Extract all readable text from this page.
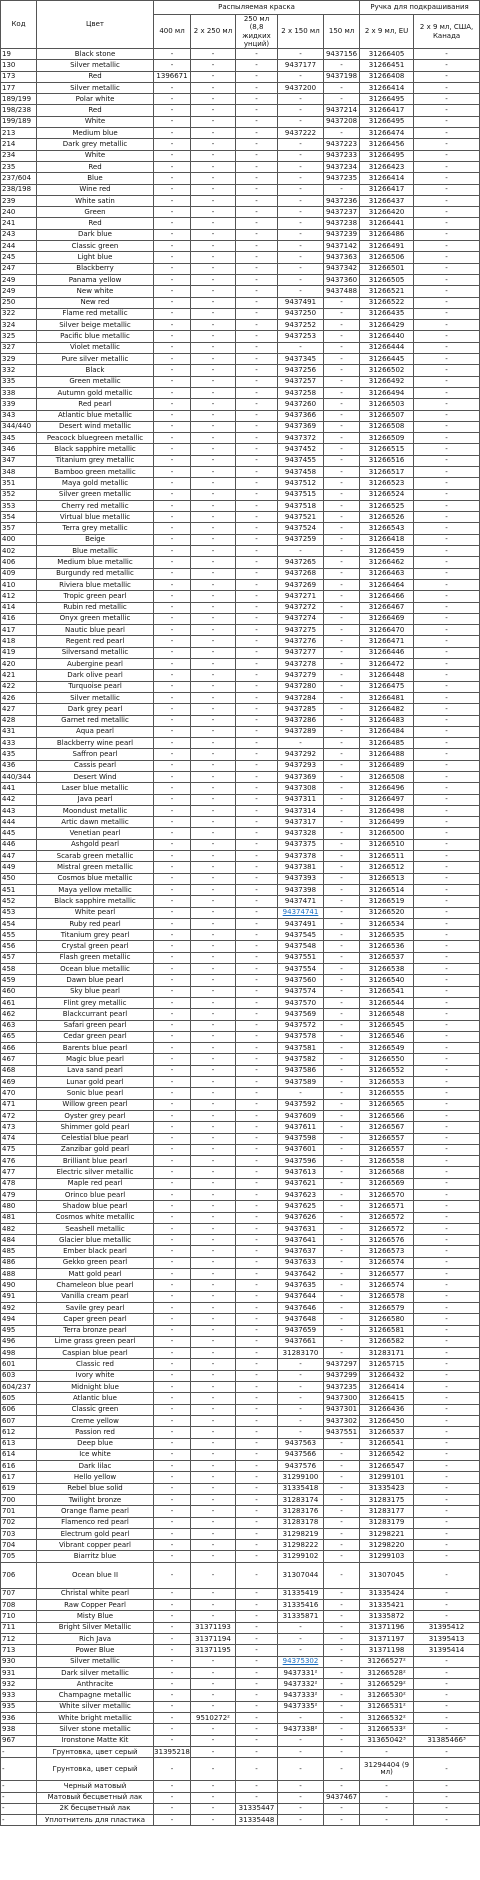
Код	Цвет	Распыляемая краска					Ручка для подкрашивания	
		400 мл	2 x 250 мл	250 мл (8,8 жидких унций)	2 x 150 мл	150 мл	2 x 9 мл, EU	2 x 9 мл, США, Канада
19	Black stone	-	-	-	-	9437156	31266405	-
130	Silver metallic	-	-	-	9437177	-	31266451	-
173	Red	1396671	-	-	-	9437198	31266408	-
177	Silver metallic	-	-	-	9437200	-	31266414	-
189/199	Polar white	-	-	-	-	-	31266495	-
198/238	Red	-	-	-	-	9437214	31266417	-
199/189	White	-	-	-	-	9437208	31266495	-
213	Medium blue	-	-	-	9437222	-	31266474	-
214	Dark grey metallic	-	-	-	-	9437223	31266456	-
234	White	-	-	-	-	9437233	31266495	-
235	Red	-	-	-	-	9437234	31266423	-
237/604	Blue	-	-	-	-	9437235	31266414	-
238/198	Wine red	-	-	-	-	-	31266417	-
239	White satin	-	-	-	-	9437236	31266437	-
240	Green	-	-	-	-	9437237	31266420	-
241	Red	-	-	-	-	9437238	31266441	-
243	Dark blue	-	-	-	-	9437239	31266486	-
244	Classic green	-	-	-	-	9437142	31266491	-
245	Light blue	-	-	-	-	9437363	31266506	-
247	Blackberry	-	-	-	-	9437342	31266501	-
249	Panama yellow	-	-	-	-	9437360	31266505	-
249	New white	-	-	-	-	9437488	31266521	-
250	New red	-	-	-	9437491	-	31266522	-
322	Flame red metallic	-	-	-	9437250	-	31266435	-
324	Silver beige metallic	-	-	-	9437252	-	31266429	-
325	Pacific blue metallic	-	-	-	9437253	-	31266440	-
327	Violet metallic	-	-	-	-	-	31266444	-
329	Pure silver metallic	-	-	-	9437345	-	31266445	-
332	Black	-	-	-	9437256	-	31266502	-
335	Green metallic	-	-	-	9437257	-	31266492	-
338	Autumn gold metallic	-	-	-	9437258	-	31266494	-
339	Red pearl	-	-	-	9437260	-	31266503	-
343	Atlantic blue metallic	-	-	-	9437366	-	31266507	-
344/440	Desert wind metallic	-	-	-	9437369	-	31266508	-
345	Peacock bluegreen metallic	-	-	-	9437372	-	31266509	-
346	Black sapphire metallic	-	-	-	9437452	-	31266515	-
347	Titanium grey metallic	-	-	-	9437455	-	31266516	-
348	Bamboo green metallic	-	-	-	9437458	-	31266517	-
351	Maya gold metallic	-	-	-	9437512	-	31266523	-
352	Silver green metallic	-	-	-	9437515	-	31266524	-
353	Cherry red metallic	-	-	-	9437518	-	31266525	-
354	Virtual blue metallic	-	-	-	9437521	-	31266526	-
357	Terra grey metallic	-	-	-	9437524	-	31266543	-
400	Beige	-	-	-	9437259	-	31266418	-
402	Blue metallic	-	-	-	-	-	31266459	-
406	Medium blue metallic	-	-	-	9437265	-	31266462	-
409	Burgundy red metallic	-	-	-	9437268	-	31266463	-
410	Riviera blue metallic	-	-	-	9437269	-	31266464	-
412	Tropic green pearl	-	-	-	9437271	-	31266466	-
414	Rubin red metallic	-	-	-	9437272	-	31266467	-
416	Onyx green metallic	-	-	-	9437274	-	31266469	-
417	Nautic blue pearl	-	-	-	9437275	-	31266470	-
418	Regent red pearl	-	-	-	9437276	-	31266471	-
419	Silversand metallic	-	-	-	9437277	-	31266446	-
420	Aubergine pearl	-	-	-	9437278	-	31266472	-
421	Dark olive pearl	-	-	-	9437279	-	31266448	-
422	Turquoise pearl	-	-	-	9437280	-	31266475	-
426	Silver metallic	-	-	-	9437284	-	31266481	-
427	Dark grey pearl	-	-	-	9437285	-	31266482	-
428	Garnet red metallic	-	-	-	9437286	-	31266483	-
431	Aqua pearl	-	-	-	9437289	-	31266484	-
433	Blackberry wine pearl	-	-	-	-	-	31266485	-
435	Saffron pearl	-	-	-	9437292	-	31266488	-
436	Cassis pearl	-	-	-	9437293	-	31266489	-
440/344	Desert Wind	-	-	-	9437369	-	31266508	-
441	Laser blue metallic	-	-	-	9437308	-	31266496	-
442	Java pearl	-	-	-	9437311	-	31266497	-
443	Moondust metallic	-	-	-	9437314	-	31266498	-
444	Artic dawn metallic	-	-	-	9437317	-	31266499	-
445	Venetian pearl	-	-	-	9437328	-	31266500	-
446	Ashgold pearl	-	-	-	9437375	-	31266510	-
447	Scarab green metallic	-	-	-	9437378	-	31266511	-
449	Mistral green metallic	-	-	-	9437381	-	31266512	-
450	Cosmos blue metallic	-	-	-	9437393	-	31266513	-
451	Maya yellow metallic	-	-	-	9437398	-	31266514	-
452	Black sapphire metallic	-	-	-	9437471	-	31266519	-
453	White pearl	-	-	-	94374741	-	31266520	-
454	Ruby red pearl	-	-	-	9437491	-	31266534	-
455	Titanium grey pearl	-	-	-	9437545	-	31266535	-
456	Crystal green pearl	-	-	-	9437548	-	31266536	-
457	Flash green metallic	-	-	-	9437551	-	31266537	-
458	Ocean blue metallic	-	-	-	9437554	-	31266538	-
459	Dawn blue pearl	-	-	-	9437560	-	31266540	-
460	Sky blue pearl	-	-	-	9437574	-	31266541	-
461	Flint grey metallic	-	-	-	9437570	-	31266544	-
462	Blackcurrant pearl	-	-	-	9437569	-	31266548	-
463	Safari green pearl	-	-	-	9437572	-	31266545	-
465	Cedar green pearl	-	-	-	9437578	-	31266546	-
466	Barents blue pearl	-	-	-	9437581	-	31266549	-
467	Magic blue pearl	-	-	-	9437582	-	31266550	-
468	Lava sand pearl	-	-	-	9437586	-	31266552	-
469	Lunar gold pearl	-	-	-	9437589	-	31266553	-
470	Sonic blue pearl	-	-	-	-	-	31266555	-
471	Willow green pearl	-	-	-	9437592	-	31266565	-
472	Oyster grey pearl	-	-	-	9437609	-	31266566	-
473	Shimmer gold pearl	-	-	-	9437611	-	31266567	-
474	Celestial blue pearl	-	-	-	9437598	-	31266557	-
475	Zanzibar gold pearl	-	-	-	9437601	-	31266557	-
476	Brilliant blue pearl	-	-	-	9437596	-	31266558	-
477	Electric silver metallic	-	-	-	9437613	-	31266568	-
478	Maple red pearl	-	-	-	9437621	-	31266569	-
479	Orinco blue pearl	-	-	-	9437623	-	31266570	-
480	Shadow blue pearl	-	-	-	9437625	-	31266571	-
481	Cosmos white metallic	-	-	-	9437626	-	31266572	-
482	Seashell metallic	-	-	-	9437631	-	31266572	-
484	Glacier blue metallic	-	-	-	9437641	-	31266576	-
485	Ember black pearl	-	-	-	9437637	-	31266573	-
486	Gekko green pearl	-	-	-	9437633	-	31266574	-
488	Matt gold pearl	-	-	-	9437642	-	31266577	-
490	Chameleon blue pearl	-	-	-	9437635	-	31266574	-
491	Vanilla cream pearl	-	-	-	9437644	-	31266578	-
492	Savile grey pearl	-	-	-	9437646	-	31266579	-
494	Caper green pearl	-	-	-	9437648	-	31266580	-
495	Terra bronze pearl	-	-	-	9437659	-	31266581	-
496	Lime grass green pearl	-	-	-	9437661	-	31266582	-
498	Caspian blue pearl	-	-	-	31283170	-	31283171	-
601	Classic red	-	-	-	-	9437297	31265715	-
603	Ivory white	-	-	-	-	9437299	31266432	-
604/237	Midnight blue	-	-	-	-	9437235	31266414	-
605	Atlantic blue	-	-	-	-	9437300	31266415	-
606	Classic green	-	-	-	-	9437301	31266436	-
607	Creme yellow	-	-	-	-	9437302	31266450	-
612	Passion red	-	-	-	-	9437551	31266537	-
613	Deep blue	-	-	-	9437563	-	31266541	-
614	Ice white	-	-	-	9437566	-	31266542	-
616	Dark lilac	-	-	-	9437576	-	31266547	-
617	Hello yellow	-	-	-	31299100	-	31299101	-
619	Rebel blue solid	-	-	-	31335418	-	31335423	-
700	Twilight bronze	-	-	-	31283174	-	31283175	-
701	Orange flame pearl	-	-	-	31283176	-	31283177	-
702	Flamenco red pearl	-	-	-	31283178	-	31283179	-
703	Electrum gold pearl	-	-	-	31298219	-	31298221	-
704	Vibrant copper pearl	-	-	-	31298222	-	31298220	-
705	Biarritz blue	-	-	-	31299102	-	31299103	-
706	Ocean blue II	-	-	-	31307044	-	31307045	-
707	Christal white pearl	-	-	-	31335419	-	31335424	-
708	Raw Copper Pearl	-	-	-	31335416	-	31335421	-
710	Misty Blue	-	-	-	31335871	-	31335872	-
711	Bright Silver Metallic	-	31371193	-	-	-	31371196	31395412
712	Rich Java	-	31371194	-	-	-	31371197	31395413
713	Power Blue	-	31371195	-	-	-	31371198	31395414
930	Silver metallic	-	-	-	94375302	-	31266527²	-
931	Dark silver metallic	-	-	-	9437331²	-	31266528²	-
932	Anthracite	-	-	-	9437332²	-	31266529²	-
933	Champagne metallic	-	-	-	9437333²	-	31266530²	-
935	White silver metallic	-	-	-	9437335²	-	31266531²	-
936	White bright metallic	-	9510272²	-	-	-	31266532²	-
938	Silver stone metallic	-	-	-	9437338²	-	31266533²	-
967	Ironstone Matte Kit	-	-	-	-	-	31365042³	31385466³
-	Грунтовка, цвет серый	31395218	-	-	-	-	-	-
-	Грунтовка, цвет серый	-	-	-	-	-	31294404 (9 мл)	-
-	Черный матовый	-	-	-	-	-	-	-
-	Матовый бесцветный лак	-	-	-	-	9437467	-	-
-	2K бесцветный лак	-	-	31335447	-	-	-	-
-	Уплотнитель для пластика	-	-	31335448	-	-	-	-
